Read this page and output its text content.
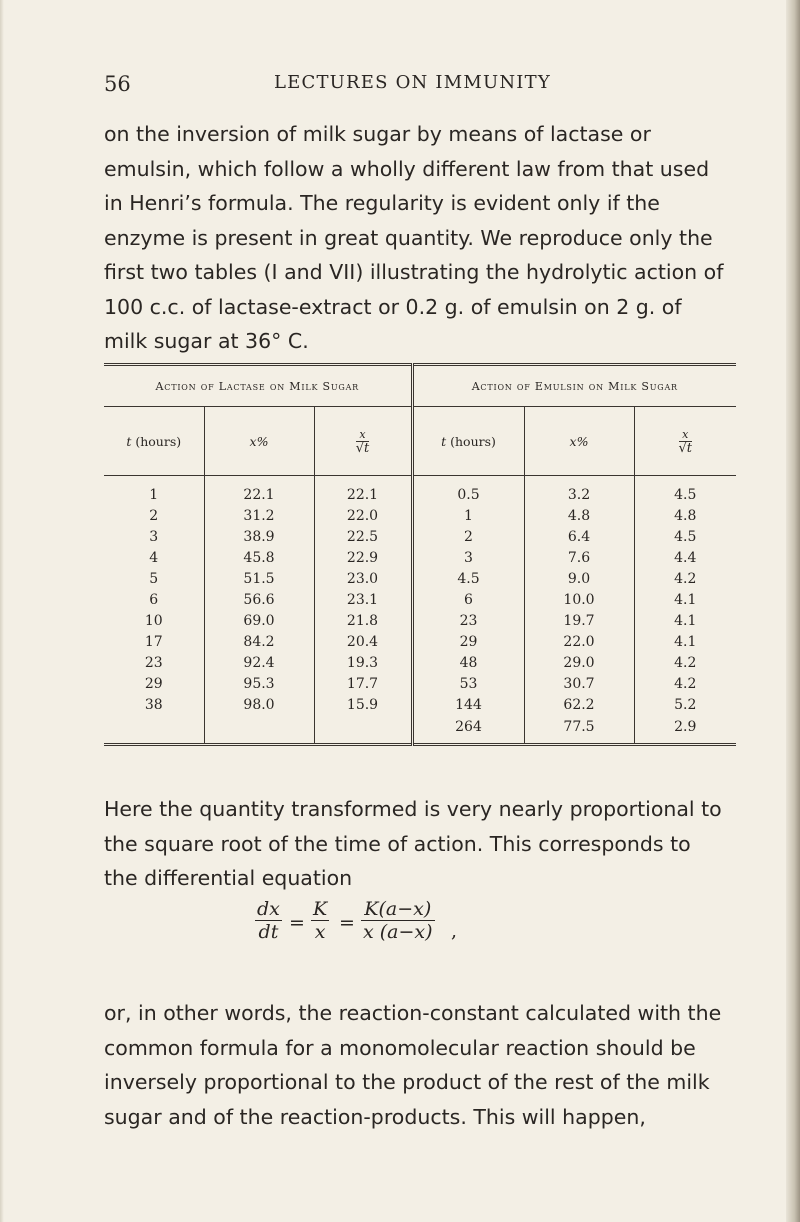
56	LECTURES ON IMMUNITY

on the inversion of milk sugar by means of lactase or emulsin, which follow a wholly different law from that used in Henri’s formula. The regularity is evident only if the enzyme is present in great quantity. We reproduce only the first two tables (I and VII) illustrating the hydrolytic action of 100 c.c. of lactase-extract or 0.2 g. of emulsin on 2 g. of milk sugar at 36° C.

Action of Lactase on Milk Sugar			Action of Emulsin on Milk Sugar		
t (hours)	x%	$\frac{x}{√t}$	t (hours)	x%	$\frac{x}{√t}$

1	22.1	22.1	0.5	3.2	4.5
2	31.2	22.0	1	4.8	4.8
3	38.9	22.5	2	6.4	4.5
4	45.8	22.9	3	7.6	4.4
5	51.5	23.0	4.5	9.0	4.2
6	56.6	23.1	6	10.0	4.1
10	69.0	21.8	23	19.7	4.1
17	84.2	20.4	29	22.0	4.1
23	92.4	19.3	48	29.0	4.2
29	95.3	17.7	53	30.7	4.2
38	98.0	15.9	144	62.2	5.2
			264	77.5	2.9

Here the quantity transformed is very nearly proportional to the square root of the time of action. This corresponds to the differential equation

$\frac{dx}{dt} = \frac{K}{x} = \frac{K(a-x)}{x (a-x)}$ ,

or, in other words, the reaction-constant calculated with the common formula for a monomolecular reaction should be inversely proportional to the product of the rest of the milk sugar and of the reaction-products. This will happen,
